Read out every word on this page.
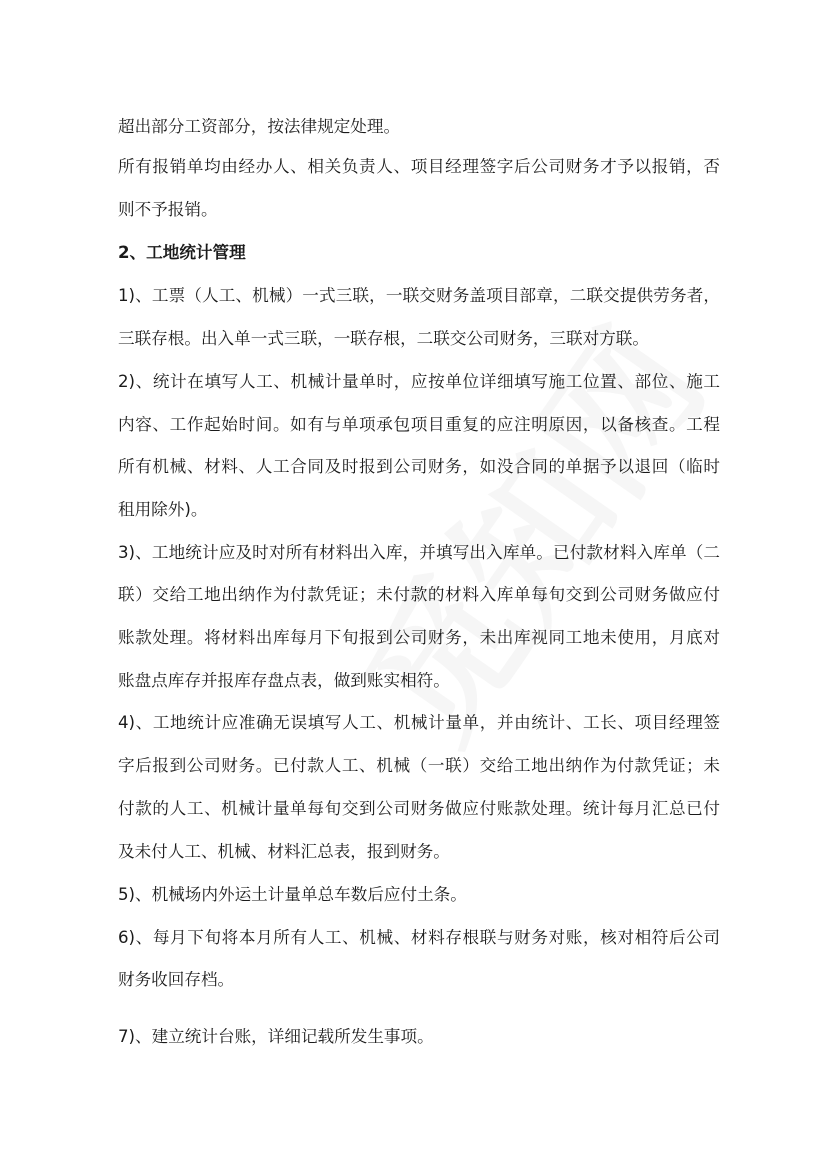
超出部分工资部分，按法律规定处理。
所有报销单均由经办人、相关负责人、项目经理签字后公司财务才予以报销，否
则不予报销。
2、工地统计管理
1)、工票（人工、机械）一式三联，一联交财务盖项目部章，二联交提供劳务者，
三联存根。出入单一式三联，一联存根，二联交公司财务，三联对方联。
2)、统计在填写人工、机械计量单时，应按单位详细填写施工位置、部位、施工
内容、工作起始时间。如有与单项承包项目重复的应注明原因，以备核查。工程
所有机械、材料、人工合同及时报到公司财务，如没合同的单据予以退回（临时
租用除外)。
3)、工地统计应及时对所有材料出入库，并填写出入库单。已付款材料入库单（二
联）交给工地出纳作为付款凭证；未付款的材料入库单每旬交到公司财务做应付
账款处理。将材料出库每月下旬报到公司财务，未出库视同工地未使用，月底对
账盘点库存并报库存盘点表，做到账实相符。
4)、工地统计应准确无误填写人工、机械计量单，并由统计、工长、项目经理签
字后报到公司财务。已付款人工、机械（一联）交给工地出纳作为付款凭证；未
付款的人工、机械计量单每旬交到公司财务做应付账款处理。统计每月汇总已付
及未付人工、机械、材料汇总表，报到财务。
5)、机械场内外运土计量单总车数后应付土条。
6)、每月下旬将本月所有人工、机械、材料存根联与财务对账，核对相符后公司
财务收回存档。
7)、建立统计台账，详细记载所发生事项。
